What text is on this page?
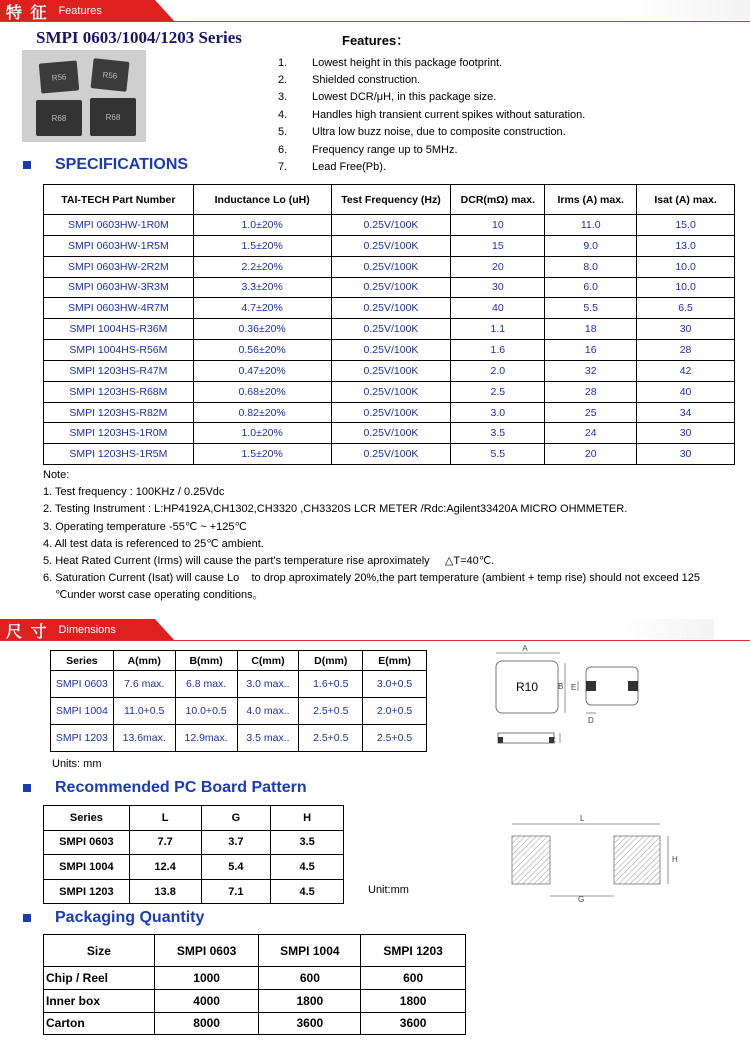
特 征 Features
SMPI 0603/1004/1203 Series
R56	R56
R68	R68
Features：
1.	Lowest height in this package footprint.
2.	Shielded construction.
3.	Lowest DCR/μH, in this package size.
4.	Handles high transient current spikes without saturation.
5.	Ultra low buzz noise, due to composite construction.
6.	Frequency range up to 5MHz.
7.	Lead Free(Pb).
SPECIFICATIONS
TAI-TECH Part Number	Inductance Lo (uH)	Test Frequency (Hz)	DCR(mΩ) max.	Irms (A) max.	Isat (A) max.
SMPI 0603HW-1R0M	1.0±20%	0.25V/100K	10	11.0	15.0
SMPI 0603HW-1R5M	1.5±20%	0.25V/100K	15	9.0	13.0
SMPI 0603HW-2R2M	2.2±20%	0.25V/100K	20	8.0	10.0
SMPI 0603HW-3R3M	3.3±20%	0.25V/100K	30	6.0	10.0
SMPI 0603HW-4R7M	4.7±20%	0.25V/100K	40	5.5	6.5
SMPI 1004HS-R36M	0.36±20%	0.25V/100K	1.1	18	30
SMPI 1004HS-R56M	0.56±20%	0.25V/100K	1.6	16	28
SMPI 1203HS-R47M	0.47±20%	0.25V/100K	2.0	32	42
SMPI 1203HS-R68M	0.68±20%	0.25V/100K	2.5	28	40
SMPI 1203HS-R82M	0.82±20%	0.25V/100K	3.0	25	34
SMPI 1203HS-1R0M	1.0±20%	0.25V/100K	3.5	24	30
SMPI 1203HS-1R5M	1.5±20%	0.25V/100K	5.5	20	30
Note:
1. Test frequency : 100KHz / 0.25Vdc
2. Testing Instrument : L:HP4192A,CH1302,CH3320 ,CH3320S LCR METER /Rdc:Agilent33420A MICRO OHMMETER.
3. Operating temperature -55℃ ~ +125℃
4. All test data is referenced to 25℃ ambient.
5. Heat Rated Current (Irms) will cause the part's temperature rise aproximately     △T=40℃.
6. Saturation Current (Isat) will cause Lo    to drop aproximately 20%,the part temperature (ambient + temp rise) should not exceed 125
℃under worst case operating conditions。
尺 寸 Dimensions
Series	A(mm)	B(mm)	C(mm)	D(mm)	E(mm)
SMPI 0603	7.6 max.	6.8 max.	3.0 max..	1.6+0.5	3.0+0.5
SMPI 1004	11.0+0.5	10.0+0.5	4.0 max..	2.5+0.5	2.0+0.5
SMPI 1203	13.6max.	12.9max.	3.5 max..	2.5+0.5	2.5+0.5
Units: mm
R10
A
B E
D
C
Recommended PC Board Pattern
Series	L	G	H
SMPI 0603	7.7	3.7	3.5
SMPI 1004	12.4	5.4	4.5
SMPI 1203	13.8	7.1	4.5	Unit:mm
L
H
G
Packaging Quantity
Size	SMPI 0603	SMPI 1004	SMPI 1203
Chip / Reel	1000	600	600
Inner box	4000	1800	1800
Carton	8000	3600	3600
